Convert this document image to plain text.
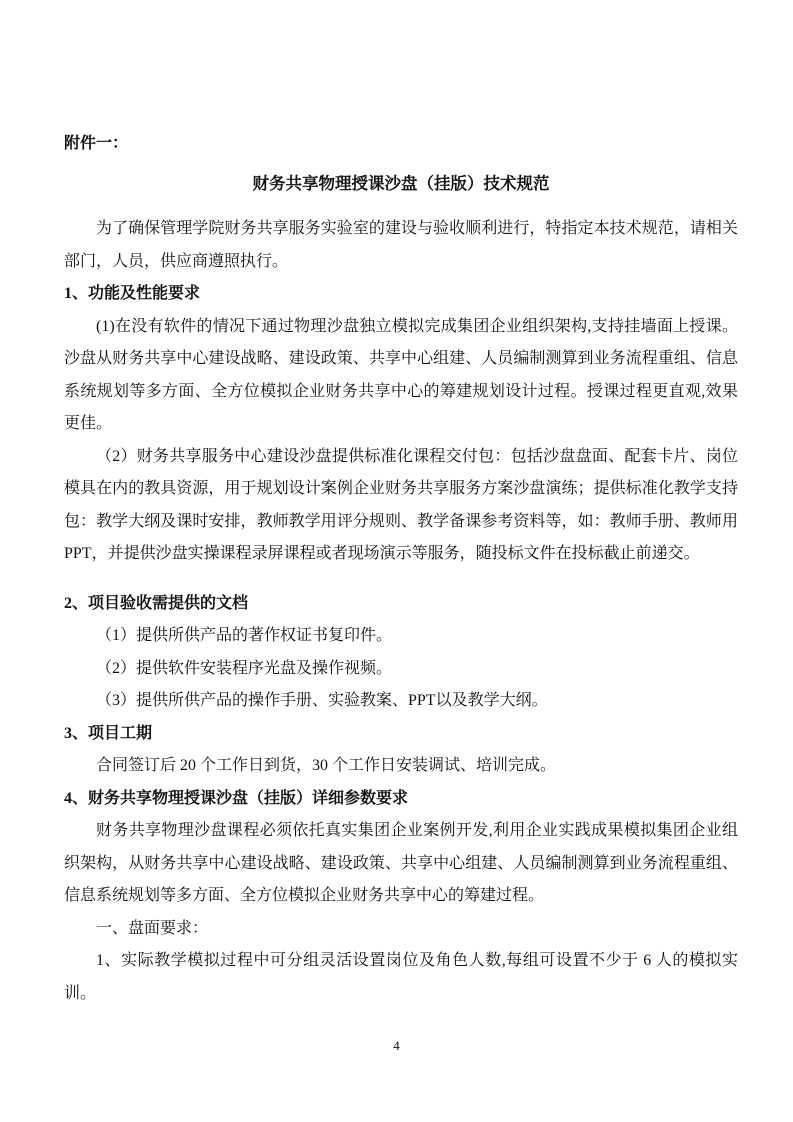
附件一：

财务共享物理授课沙盘（挂版）技术规范

为了确保管理学院财务共享服务实验室的建设与验收顺利进行，特指定本技术规范，请相关部门，人员，供应商遵照执行。

1、功能及性能要求

(1)在没有软件的情况下通过物理沙盘独立模拟完成集团企业组织架构,支持挂墙面上授课。沙盘从财务共享中心建设战略、建设政策、共享中心组建、人员编制测算到业务流程重组、信息系统规划等多方面、全方位模拟企业财务共享中心的筹建规划设计过程。授课过程更直观,效果更佳。

（2）财务共享服务中心建设沙盘提供标准化课程交付包：包括沙盘盘面、配套卡片、岗位模具在内的教具资源，用于规划设计案例企业财务共享服务方案沙盘演练；提供标准化教学支持包：教学大纲及课时安排，教师教学用评分规则、教学备课参考资料等，如：教师手册、教师用PPT，并提供沙盘实操课程录屏课程或者现场演示等服务，随投标文件在投标截止前递交。

2、项目验收需提供的文档

（1）提供所供产品的著作权证书复印件。

（2）提供软件安装程序光盘及操作视频。

（3）提供所供产品的操作手册、实验教案、PPT以及教学大纲。

3、项目工期

合同签订后 20 个工作日到货，30 个工作日安装调试、培训完成。

4、财务共享物理授课沙盘（挂版）详细参数要求

财务共享物理沙盘课程必须依托真实集团企业案例开发,利用企业实践成果模拟集团企业组织架构，从财务共享中心建设战略、建设政策、共享中心组建、人员编制测算到业务流程重组、信息系统规划等多方面、全方位模拟企业财务共享中心的筹建过程。

一、盘面要求：

1、实际教学模拟过程中可分组灵活设置岗位及角色人数,每组可设置不少于 6 人的模拟实训。

4
